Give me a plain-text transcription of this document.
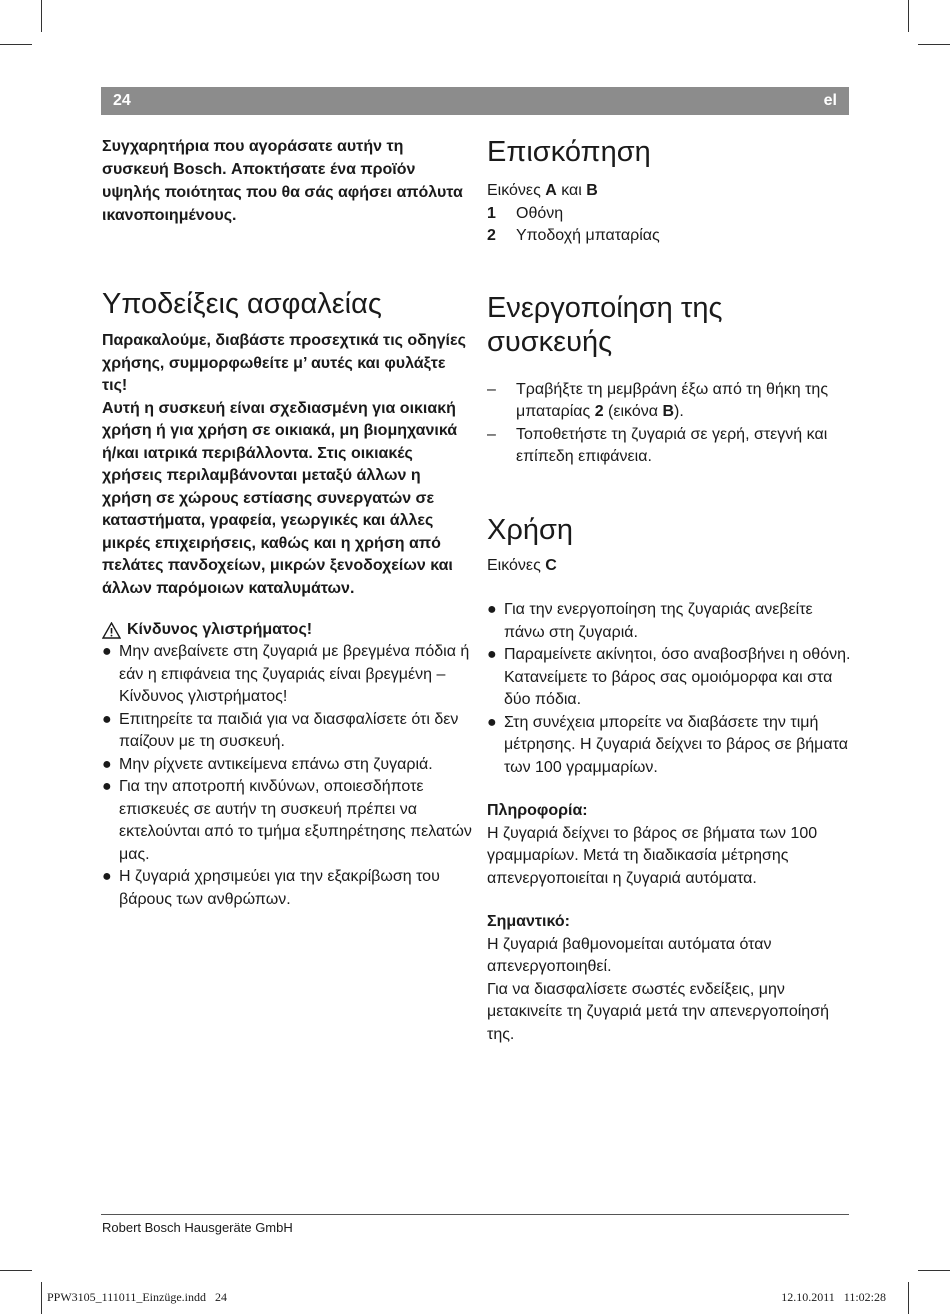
24	el

Συγχαρητήρια που αγοράσατε αυτήν τη συσκευή Bosch. Αποκτήσατε ένα προϊόν υψηλής ποιότητας που θα σάς αφήσει απόλυτα ικανοποιημένους.

Υποδείξεις ασφαλείας

Παρακαλούμε, διαβάστε προσεχτικά τις οδηγίες χρήσης, συμμορφωθείτε μ’ αυτές και φυλάξτε τις!

Αυτή η συσκευή είναι σχεδιασμένη για οικιακή χρήση ή για χρήση σε οικιακά, μη βιομηχανικά ή/και ιατρικά περιβάλλοντα. Στις οικιακές χρήσεις περιλαμβάνονται μεταξύ άλλων η χρήση σε χώρους εστίασης συνεργατών σε καταστήματα, γραφεία, γεωργικές και άλλες μικρές επιχειρήσεις, καθώς και η χρήση από πελάτες πανδοχείων, μικρών ξενοδοχείων και άλλων παρόμοιων καταλυμάτων.

Κίνδυνος γλιστρήματος!
● Μην ανεβαίνετε στη ζυγαριά με βρεγμένα πόδια ή εάν η επιφάνεια της ζυγαριάς είναι βρεγμένη – Κίνδυνος γλιστρήματος!
● Επιτηρείτε τα παιδιά για να διασφαλίσετε ότι δεν παίζουν με τη συσκευή.
● Μην ρίχνετε αντικείμενα επάνω στη ζυγαριά.
● Για την αποτροπή κινδύνων, οποιεσδήποτε επισκευές σε αυτήν τη συσκευή πρέπει να εκτελούνται από το τμήμα εξυπηρέτησης πελατών μας.
● Η ζυγαριά χρησιμεύει για την εξακρίβωση του βάρους των ανθρώπων.
Επισκόπηση
Εικόνες A και B
1	Οθόνη
2	Υποδοχή μπαταρίας
Ενεργοποίηση της συσκευής
– Τραβήξτε τη μεμβράνη έξω από τη θήκη της μπαταρίας 2 (εικόνα B).
– Τοποθετήστε τη ζυγαριά σε γερή, στεγνή και επίπεδη επιφάνεια.
Χρήση
Εικόνες C
● Για την ενεργοποίηση της ζυγαριάς ανεβείτε πάνω στη ζυγαριά.
● Παραμείνετε ακίνητοι, όσο αναβοσβήνει η οθόνη. Κατανείμετε το βάρος σας ομοιόμορφα και στα δύο πόδια.
● Στη συνέχεια μπορείτε να διαβάσετε την τιμή μέτρησης. Η ζυγαριά δείχνει το βάρος σε βήματα των 100 γραμμαρίων.

Πληροφορία:

Η ζυγαριά δείχνει το βάρος σε βήματα των 100 γραμμαρίων. Μετά τη διαδικασία μέτρησης απενεργοποιείται η ζυγαριά αυτόματα.

Σημαντικό:

Η ζυγαριά βαθμονομείται αυτόματα όταν απενεργοποιηθεί.

Για να διασφαλίσετε σωστές ενδείξεις, μην μετακινείτε τη ζυγαριά μετά την απενεργοποίησή της.

Robert Bosch Hausgeräte GmbH
PPW3105_111011_Einzüge.indd   24	12.10.2011   11:02:28
